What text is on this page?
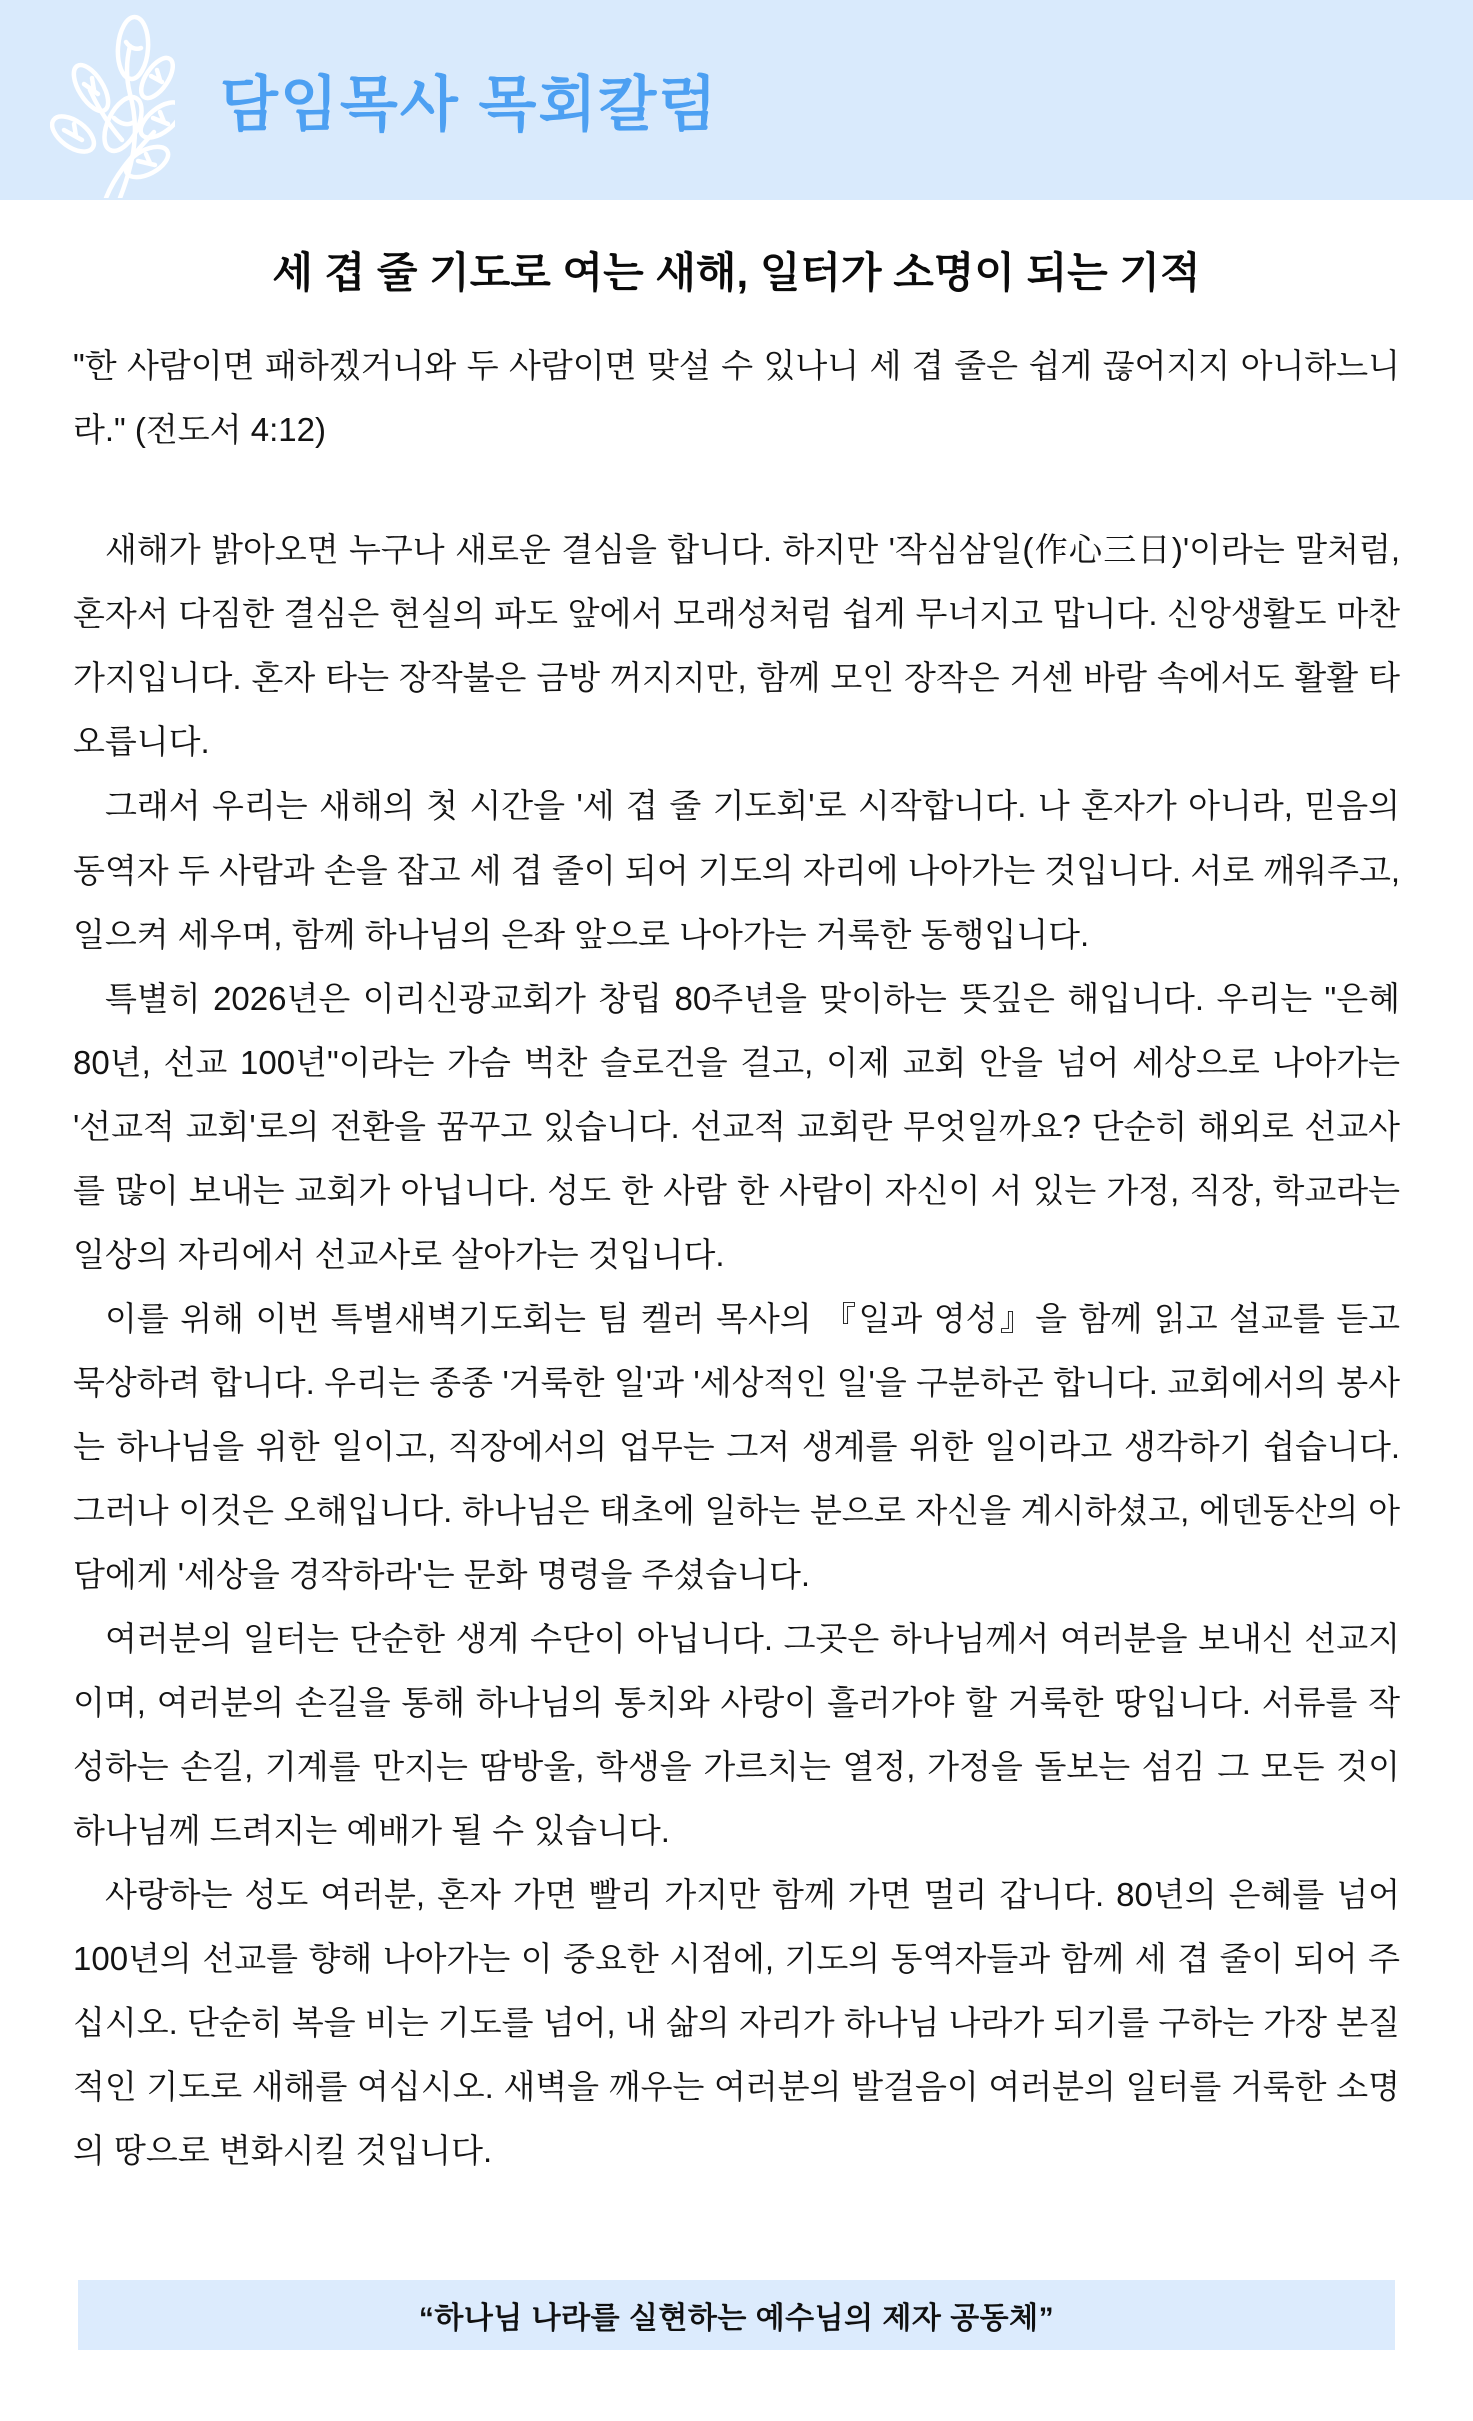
담임목사 목회칼럼
세 겹 줄 기도로 여는 새해, 일터가 소명이 되는 기적

"한 사람이면 패하겠거니와 두 사람이면 맞설 수 있나니 세 겹 줄은 쉽게 끊어지지 아니하느니라." (전도서 4:12)

새해가 밝아오면 누구나 새로운 결심을 합니다. 하지만 '작심삼일(作心三日)'이라는 말처럼, 혼자서 다짐한 결심은 현실의 파도 앞에서 모래성처럼 쉽게 무너지고 맙니다. 신앙생활도 마찬가지입니다. 혼자 타는 장작불은 금방 꺼지지만, 함께 모인 장작은 거센 바람 속에서도 활활 타오릅니다.

그래서 우리는 새해의 첫 시간을 '세 겹 줄 기도회'로 시작합니다. 나 혼자가 아니라, 믿음의 동역자 두 사람과 손을 잡고 세 겹 줄이 되어 기도의 자리에 나아가는 것입니다. 서로 깨워주고, 일으켜 세우며, 함께 하나님의 은좌 앞으로 나아가는 거룩한 동행입니다.

특별히 2026년은 이리신광교회가 창립 80주년을 맞이하는 뜻깊은 해입니다. 우리는 "은혜 80년, 선교 100년"이라는 가슴 벅찬 슬로건을 걸고, 이제 교회 안을 넘어 세상으로 나아가는 '선교적 교회'로의 전환을 꿈꾸고 있습니다. 선교적 교회란 무엇일까요? 단순히 해외로 선교사를 많이 보내는 교회가 아닙니다. 성도 한 사람 한 사람이 자신이 서 있는 가정, 직장, 학교라는 일상의 자리에서 선교사로 살아가는 것입니다.

이를 위해 이번 특별새벽기도회는 팀 켈러 목사의 『일과 영성』을 함께 읽고 설교를 듣고 묵상하려 합니다. 우리는 종종 '거룩한 일'과 '세상적인 일'을 구분하곤 합니다. 교회에서의 봉사는 하나님을 위한 일이고, 직장에서의 업무는 그저 생계를 위한 일이라고 생각하기 쉽습니다. 그러나 이것은 오해입니다. 하나님은 태초에 일하는 분으로 자신을 계시하셨고, 에덴동산의 아담에게 '세상을 경작하라'는 문화 명령을 주셨습니다.

여러분의 일터는 단순한 생계 수단이 아닙니다. 그곳은 하나님께서 여러분을 보내신 선교지이며, 여러분의 손길을 통해 하나님의 통치와 사랑이 흘러가야 할 거룩한 땅입니다. 서류를 작성하는 손길, 기계를 만지는 땀방울, 학생을 가르치는 열정, 가정을 돌보는 섬김 그 모든 것이 하나님께 드려지는 예배가 될 수 있습니다.

사랑하는 성도 여러분, 혼자 가면 빨리 가지만 함께 가면 멀리 갑니다. 80년의 은혜를 넘어 100년의 선교를 향해 나아가는 이 중요한 시점에, 기도의 동역자들과 함께 세 겹 줄이 되어 주십시오. 단순히 복을 비는 기도를 넘어, 내 삶의 자리가 하나님 나라가 되기를 구하는 가장 본질적인 기도로 새해를 여십시오. 새벽을 깨우는 여러분의 발걸음이 여러분의 일터를 거룩한 소명의 땅으로 변화시킬 것입니다.

“하나님 나라를 실현하는 예수님의 제자 공동체”
